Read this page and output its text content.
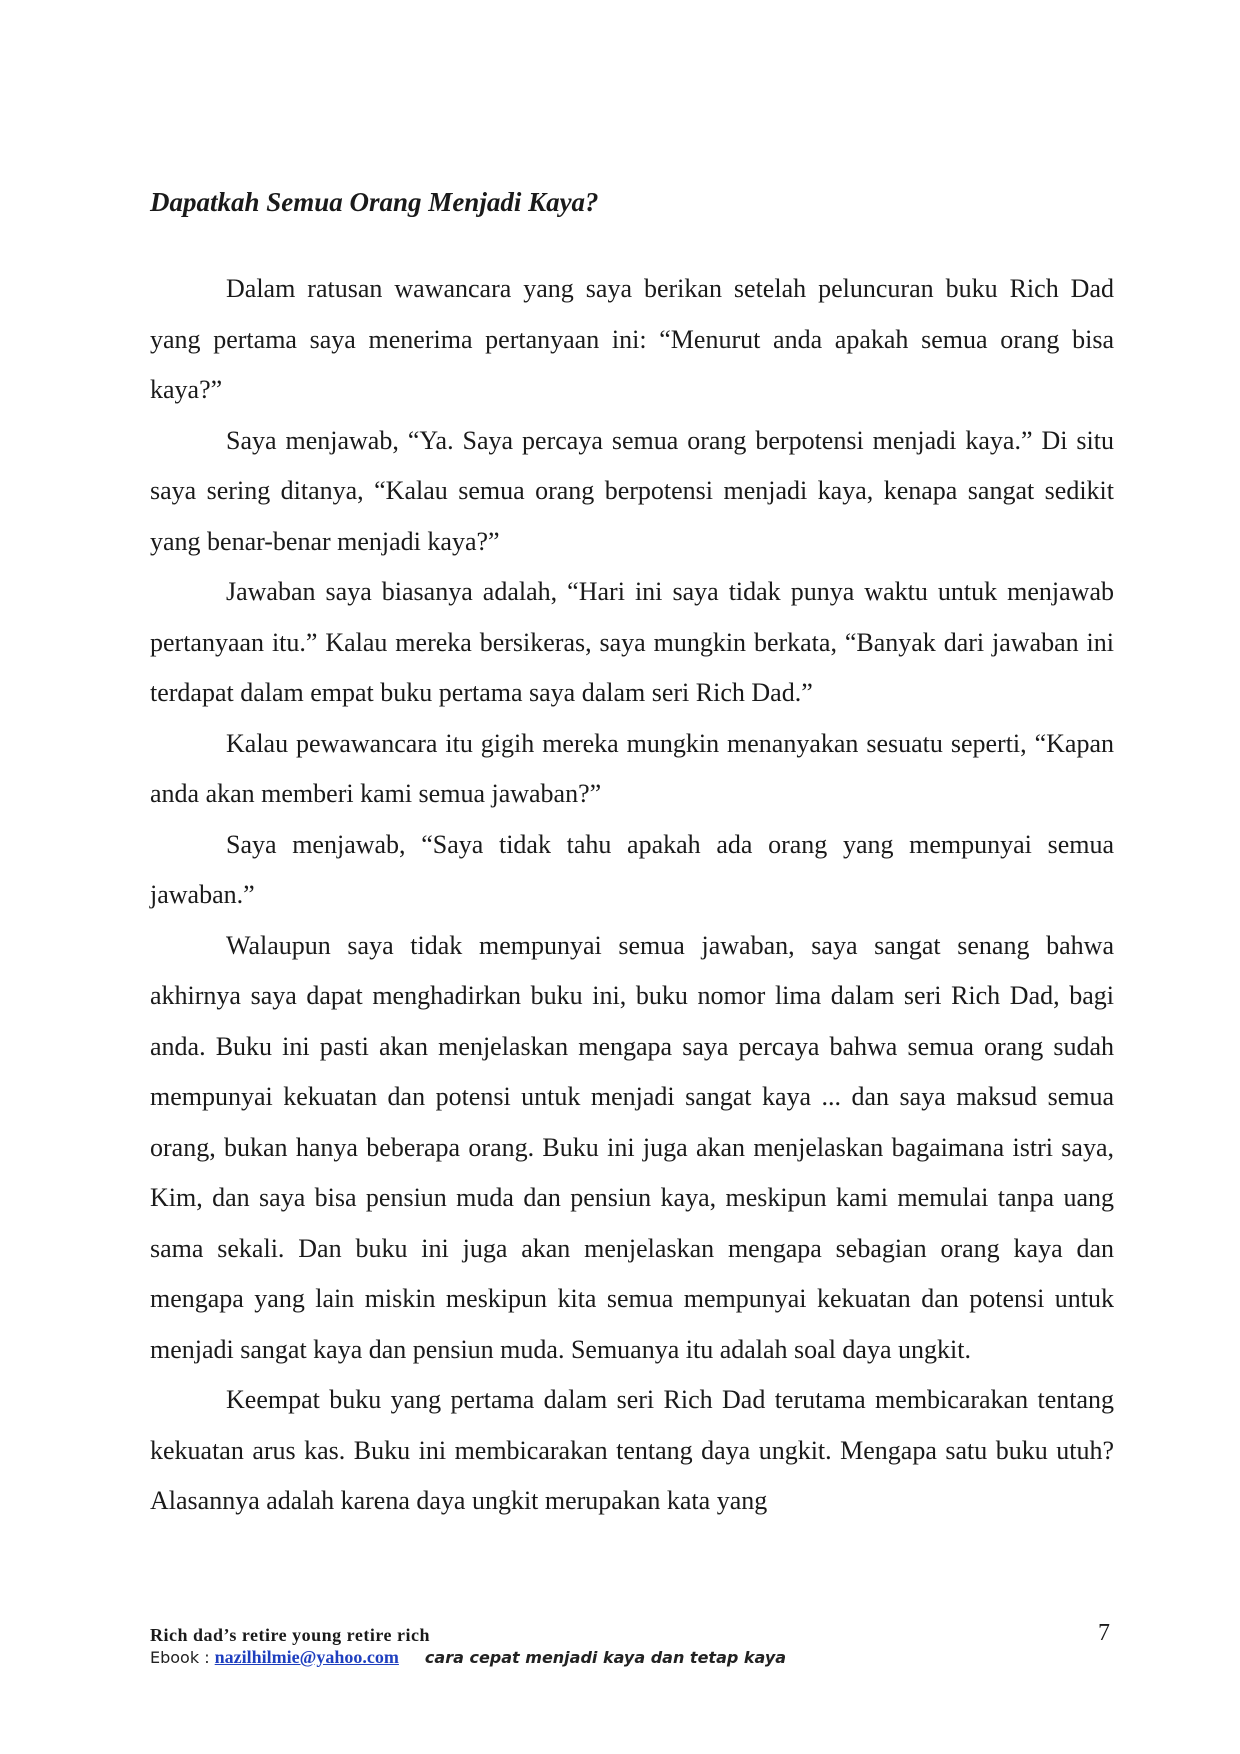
Dapatkah Semua Orang Menjadi Kaya?

Dalam ratusan wawancara yang saya berikan setelah peluncuran buku Rich Dad yang pertama saya menerima pertanyaan ini: “Menurut anda apakah semua orang bisa kaya?”

Saya menjawab, “Ya. Saya percaya semua orang berpotensi menjadi kaya.” Di situ saya sering ditanya, “Kalau semua orang berpotensi menjadi kaya, kenapa sangat sedikit yang benar-benar menjadi kaya?”

Jawaban saya biasanya adalah, “Hari ini saya tidak punya waktu untuk menjawab pertanyaan itu.” Kalau mereka bersikeras, saya mungkin berkata, “Banyak dari jawaban ini terdapat dalam empat buku pertama saya dalam seri Rich Dad.”

Kalau pewawancara itu gigih mereka mungkin menanyakan sesuatu seperti, “Kapan anda akan memberi kami semua jawaban?”

Saya menjawab, “Saya tidak tahu apakah ada orang yang mempunyai semua jawaban.”

Walaupun saya tidak mempunyai semua jawaban, saya sangat senang bahwa akhirnya saya dapat menghadirkan buku ini, buku nomor lima dalam seri Rich Dad, bagi anda. Buku ini pasti akan menjelaskan mengapa saya percaya bahwa semua orang sudah mempunyai kekuatan dan potensi untuk menjadi sangat kaya ... dan saya maksud semua orang, bukan hanya beberapa orang. Buku ini juga akan menjelaskan bagaimana istri saya, Kim, dan saya bisa pensiun muda dan pensiun kaya, meskipun kami memulai tanpa uang sama sekali. Dan buku ini juga akan menjelaskan mengapa sebagian orang kaya dan mengapa yang lain miskin meskipun kita semua mempunyai kekuatan dan potensi untuk menjadi sangat kaya dan pensiun muda. Semuanya itu adalah soal daya ungkit.

Keempat buku yang pertama dalam seri Rich Dad terutama membicarakan tentang kekuatan arus kas. Buku ini membicarakan tentang daya ungkit. Mengapa satu buku utuh? Alasannya adalah karena daya ungkit merupakan kata yang

Rich dad’s retire young retire rich	7
Ebook : nazilhilmie@yahoo.com cara cepat menjadi kaya dan tetap kaya
